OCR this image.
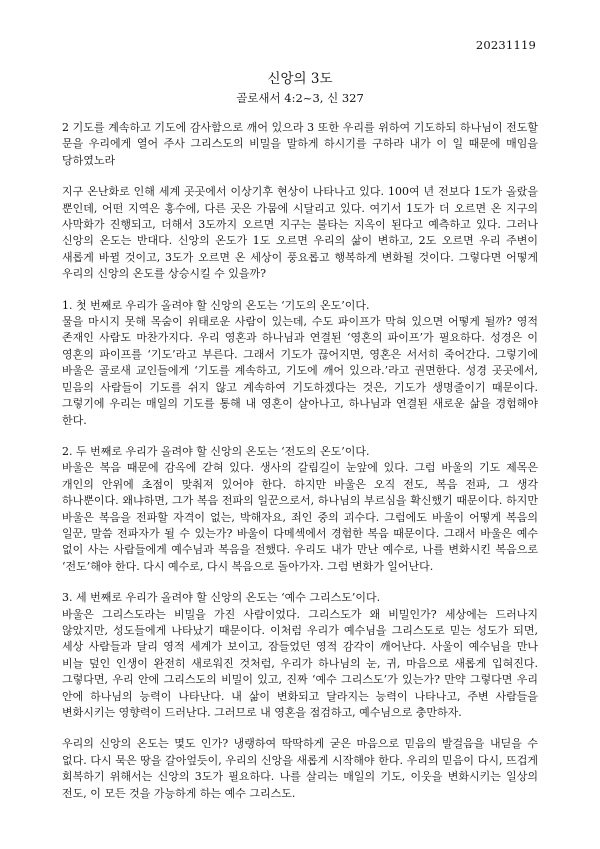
20231119
신앙의 3도
골로새서 4:2~3, 신 327

2 기도를 계속하고 기도에 감사함으로 깨어 있으라 3 또한 우리를 위하여 기도하되 하나님이 전도할 문을 우리에게 열어 주사 그리스도의 비밀을 말하게 하시기를 구하라 내가 이 일 때문에 매임을 당하였노라

지구 온난화로 인해 세계 곳곳에서 이상기후 현상이 나타나고 있다. 100여 년 전보다 1도가 올랐을 뿐인데, 어떤 지역은 홍수에, 다른 곳은 가뭄에 시달리고 있다. 여기서 1도가 더 오르면 온 지구의 사막화가 진행되고, 더해서 3도까지 오르면 지구는 불타는 지옥이 된다고 예측하고 있다. 그러나 신앙의 온도는 반대다. 신앙의 온도가 1도 오르면 우리의 삶이 변하고, 2도 오르면 우리 주변이 새롭게 바뀔 것이고, 3도가 오르면 온 세상이 풍요롭고 행복하게 변화될 것이다. 그렇다면 어떻게 우리의 신앙의 온도를 상승시킬 수 있을까?

1. 첫 번째로 우리가 올려야 할 신앙의 온도는 ‘기도의 온도’이다.

물을 마시지 못해 목숨이 위태로운 사람이 있는데, 수도 파이프가 막혀 있으면 어떻게 될까? 영적 존재인 사람도 마찬가지다. 우리 영혼과 하나님과 연결된 ‘영혼의 파이프’가 필요하다. 성경은 이 영혼의 파이프를 ‘기도’라고 부른다. 그래서 기도가 끊어지면, 영혼은 서서히 죽어간다. 그렇기에 바울은 골로새 교인들에게 ‘기도를 계속하고, 기도에 깨어 있으라.’라고 권면한다. 성경 곳곳에서, 믿음의 사람들이 기도를 쉬지 않고 계속하여 기도하겠다는 것은, 기도가 생명줄이기 때문이다. 그렇기에 우리는 매일의 기도를 통해 내 영혼이 살아나고, 하나님과 연결된 새로운 삶을 경험해야 한다.

2. 두 번째로 우리가 올려야 할 신앙의 온도는 ‘전도의 온도’이다.

바울은 복음 때문에 감옥에 갇혀 있다. 생사의 갈림길이 눈앞에 있다. 그럼 바울의 기도 제목은 개인의 안위에 초점이 맞춰져 있어야 한다. 하지만 바울은 오직 전도, 복음 전파, 그 생각 하나뿐이다. 왜냐하면, 그가 복음 전파의 일꾼으로서, 하나님의 부르심을 확신했기 때문이다. 하지만 바울은 복음을 전파할 자격이 없는, 박해자요, 죄인 중의 괴수다. 그럼에도 바울이 어떻게 복음의 일꾼, 말씀 전파자가 될 수 있는가? 바울이 다메섹에서 경험한 복음 때문이다. 그래서 바울은 예수 없이 사는 사람들에게 예수님과 복음을 전했다. 우리도 내가 만난 예수로, 나를 변화시킨 복음으로 ‘전도’해야 한다. 다시 예수로, 다시 복음으로 돌아가자. 그럼 변화가 일어난다.

3. 세 번째로 우리가 올려야 할 신앙의 온도는 ‘예수 그리스도’이다.

바울은 그리스도라는 비밀을 가진 사람이었다. 그리스도가 왜 비밀인가? 세상에는 드러나지 않았지만, 성도들에게 나타났기 때문이다. 이처럼 우리가 예수님을 그리스도로 믿는 성도가 되면, 세상 사람들과 달리 영적 세계가 보이고, 잠들었던 영적 감각이 깨어난다. 사울이 예수님을 만나 비늘 덮인 인생이 완전히 새로워진 것처럼, 우리가 하나님의 눈, 귀, 마음으로 새롭게 입혀진다. 그렇다면, 우리 안에 그리스도의 비밀이 있고, 진짜 ‘예수 그리스도’가 있는가? 만약 그렇다면 우리 안에 하나님의 능력이 나타난다. 내 삶이 변화되고 달라지는 능력이 나타나고, 주변 사람들을 변화시키는 영향력이 드러난다. 그러므로 내 영혼을 점검하고, 예수님으로 충만하자.

우리의 신앙의 온도는 몇도 인가? 냉랭하여 딱딱하게 굳은 마음으로 믿음의 발걸음을 내딛을 수 없다. 다시 묵은 땅을 갈아엎듯이, 우리의 신앙을 새롭게 시작해야 한다. 우리의 믿음이 다시, 뜨겁게 회복하기 위해서는 신앙의 3도가 필요하다. 나를 살리는 매일의 기도, 이웃을 변화시키는 일상의 전도, 이 모든 것을 가능하게 하는 예수 그리스도.
